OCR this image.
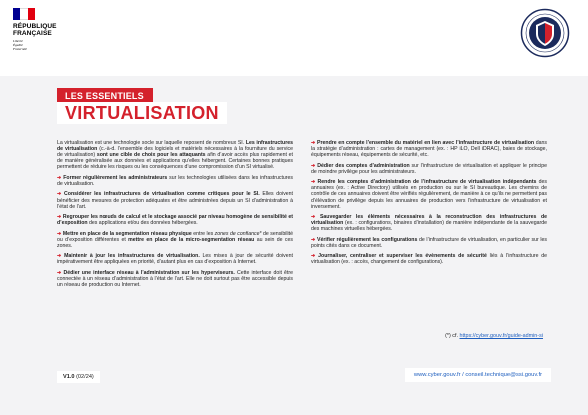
RÉPUBLIQUE
FRANÇAISE
Liberté
Égalité
Fraternité
LES ESSENTIELS
VIRTUALISATION

La virtualisation est une technologie socle sur laquelle reposent de nombreux SI. Les infrastructures de virtualisation (c.-à-d. l’ensemble des logiciels et matériels nécessaires à la fourniture du service de virtualisation) sont une cible de choix pour les attaquants afin d’avoir accès plus rapidement et de manière généralisée aux données et applications qu’elles hébergent. Certaines bonnes pratiques permettent de réduire les risques ou les conséquences d’une compromission d’un SI virtualisé.

➔ Former régulièrement les administrateurs sur les technologies utilisées dans les infrastructures de virtualisation.

➔ Considérer les infrastructures de virtualisation comme critiques pour le SI. Elles doivent bénéficier des mesures de protection adéquates et être administrées depuis un SI d’administration à l’état de l’art.

➔ Regrouper les nœuds de calcul et le stockage associé par niveau homogène de sensibilité et d’exposition des applications et/ou des données hébergées.

➔ Mettre en place de la segmentation réseau physique entre les zones de confiance* de sensibilité ou d’exposition différentes et mettre en place de la micro-segmentation réseau au sein de ces zones.

➔ Maintenir à jour les infrastructures de virtualisation. Les mises à jour de sécurité doivent impérativement être appliquées en priorité, d’autant plus en cas d’exposition à Internet.

➔ Dédier une interface réseau à l’administration sur les hyperviseurs. Cette interface doit être connectée à un réseau d’administration à l’état de l’art. Elle ne doit surtout pas être accessible depuis un réseau de production ou Internet.

➔ Prendre en compte l’ensemble du matériel en lien avec l’infrastructure de virtualisation dans la stratégie d’administration : cartes de management (ex. : HP iLO, Dell iDRAC), baies de stockage, équipements réseau, équipements de sécurité, etc.

➔ Dédier des comptes d’administration sur l’infrastructure de virtualisation et appliquer le principe de moindre privilège pour les administrateurs.

➔ Rendre les comptes d’administration de l’infrastructure de virtualisation indépendants des annuaires (ex. : Active Directory) utilisés en production ou sur le SI bureautique. Les chemins de contrôle de ces annuaires doivent être vérifiés régulièrement, de manière à ce qu’ils ne permettent pas d’élévation de privilège depuis les annuaires de production vers l’infrastructure de virtualisation et inversement.

➔ Sauvegarder les éléments nécessaires à la reconstruction des infrastructures de virtualisation (ex. : configurations, binaires d’installation) de manière indépendante de la sauvegarde des machines virtuelles hébergées.

➔ Vérifier régulièrement les configurations de l’infrastructure de virtualisation, en particulier sur les points cités dans ce document.

➔ Journaliser, centraliser et superviser les évènements de sécurité liés à l’infrastructure de virtualisation (ex. : accès, changement de configurations).

(*) cf. https://cyber.gouv.fr/guide-admin-si
V1.0 (02/24)	www.cyber.gouv.fr / conseil.technique@ssi.gouv.fr
